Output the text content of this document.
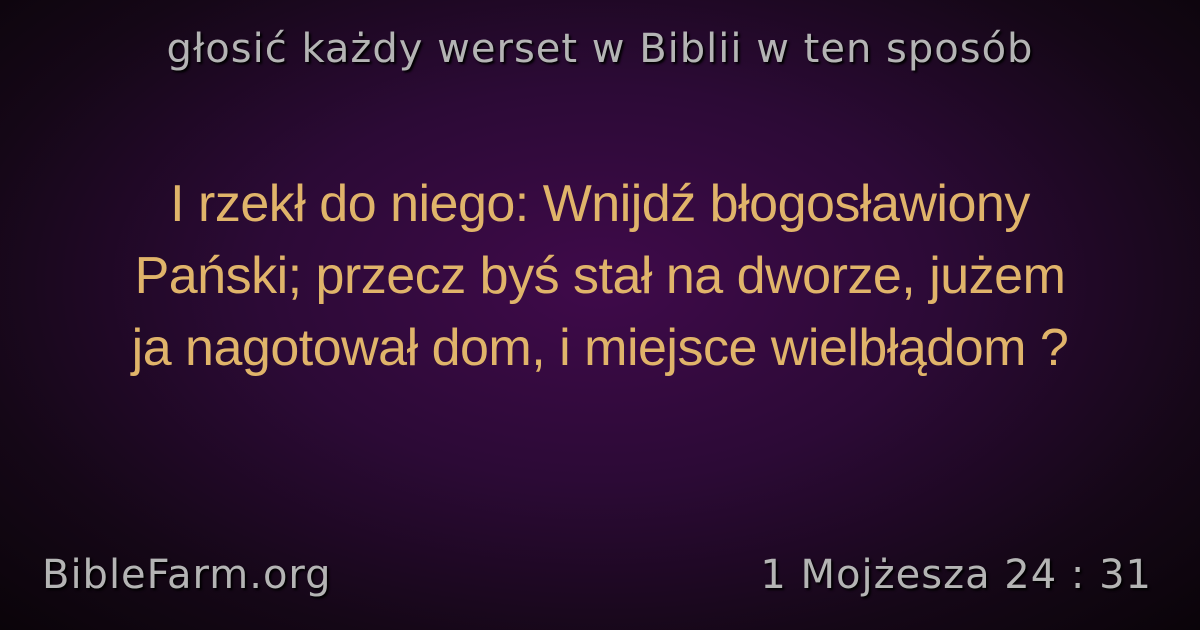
głosić każdy werset w Biblii w ten sposób
I rzekł do niego: Wnijdź błogosławiony
Pański; przecz byś stał na dworze, jużem
ja nagotował dom, i miejsce wielbłądom ?
BibleFarm.org	1 Mojżesza 24 : 31
